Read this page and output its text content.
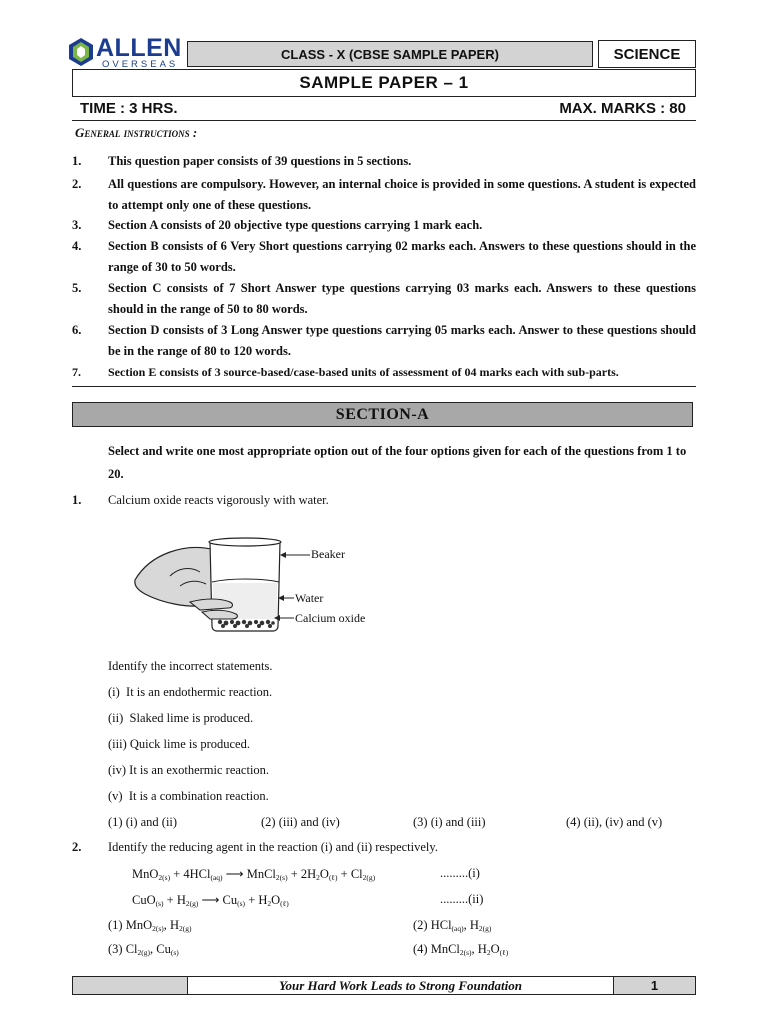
ALLEN
OVERSEAS
CLASS - X (CBSE SAMPLE PAPER)	SCIENCE
SAMPLE PAPER – 1
TIME : 3 HRS.	MAX. MARKS : 80
General instructions :
1. This question paper consists of 39 questions in 5 sections.
2. All questions are compulsory. However, an internal choice is provided in some questions. A student is expected to attempt only one of these questions.
3. Section A consists of 20 objective type questions carrying 1 mark each.
4. Section B consists of 6 Very Short questions carrying 02 marks each. Answers to these questions should in the range of 30 to 50 words.
5. Section C consists of 7 Short Answer type questions carrying 03 marks each. Answers to these questions should in the range of 50 to 80 words.
6. Section D consists of 3 Long Answer type questions carrying 05 marks each. Answer to these questions should be in the range of 80 to 120 words.
7. Section E consists of 3 source-based/case-based units of assessment of 04 marks each with sub-parts.
SECTION-A
Select and write one most appropriate option out of the four options given for each of the questions from 1 to 20.
1. Calcium oxide reacts vigorously with water.
Beaker
Water
Calcium oxide
Identify the incorrect statements.
(i)  It is an endothermic reaction.
(ii)  Slaked lime is produced.
(iii) Quick lime is produced.
(iv) It is an exothermic reaction.
(v)  It is a combination reaction.
(1) (i) and (ii)	(2) (iii) and (iv)	(3) (i) and (iii)	(4) (ii), (iv) and (v)
2. Identify the reducing agent in the reaction (i) and (ii) respectively.
MnO$_{2(s)}$ + 4HCl$_{(aq)}$ ⟶ MnCl$_{2(s)}$ + $2H_2O_{(\ell)} + Cl_{2(g)}$	.........(i)
$CuO_{(s)} + H_{2(g)}$ ⟶ $Cu_{(s)} + H_2O_{(\ell)}$	.........(ii)
(1) MnO$_{2(s)}$, $H_{2(g)}$	(2) HCl$_{(aq)}$, $H_{2(g)}$
(3) $Cl_{2(g)}$, $Cu_{(s)}$	(4) MnCl$_{2(s)}$, $H_2O_{(\ell)}$
Your Hard Work Leads to Strong Foundation	1
